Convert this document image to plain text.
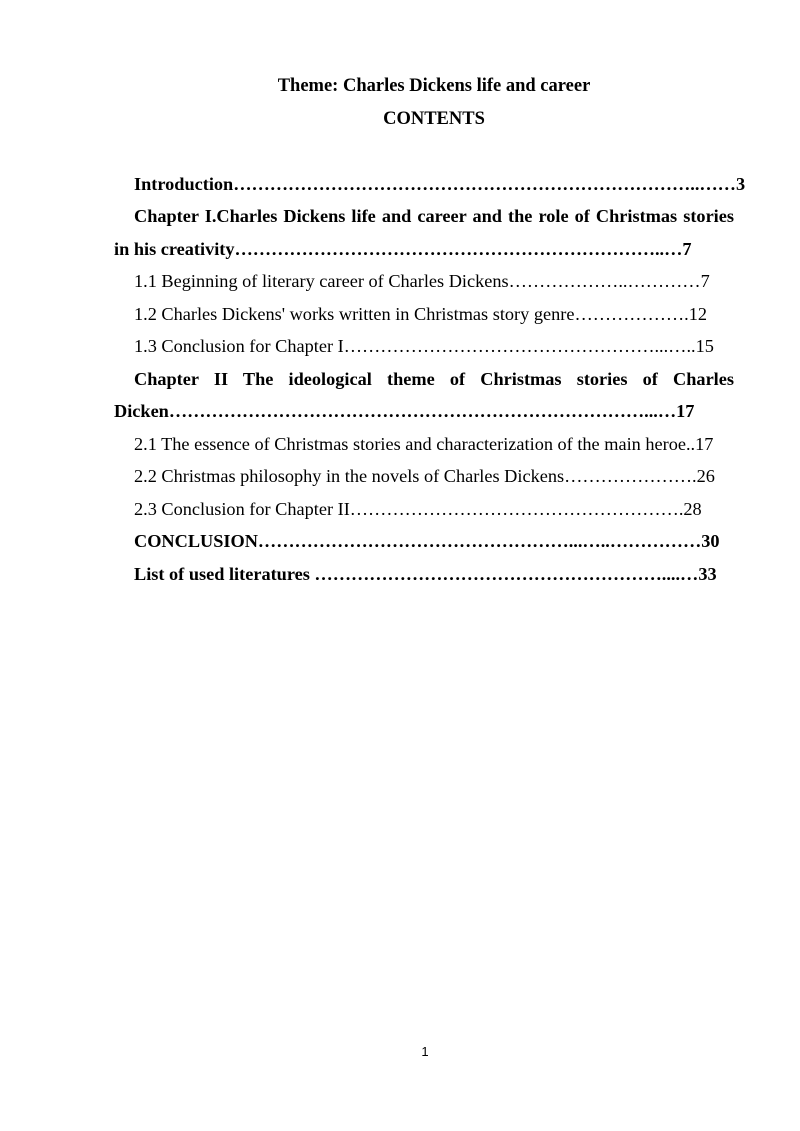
Theme: Charles Dickens life and career
CONTENTS
Introduction…………………………………………………………………..……3
Chapter I.Charles Dickens life and career and the role of Christmas stories
in his creativity……………………………………………………………..…7
1.1 Beginning of literary career of Charles Dickens………………..…………7
1.2 Charles Dickens' works written in Christmas story genre……………….12
1.3 Conclusion for Chapter I……………………………………………...…..15
Chapter II The ideological theme of Christmas stories of Charles
Dicken……………………………………………………………………...…17
2.1 The essence of Christmas stories and characterization of the main heroe..17
2.2 Christmas philosophy in the novels of Charles Dickens………………….26
2.3 Conclusion for Chapter II……………………………………………….28
CONCLUSION……………………………………………...…..……………30
List of used literatures …………………………………………………....…33
1
